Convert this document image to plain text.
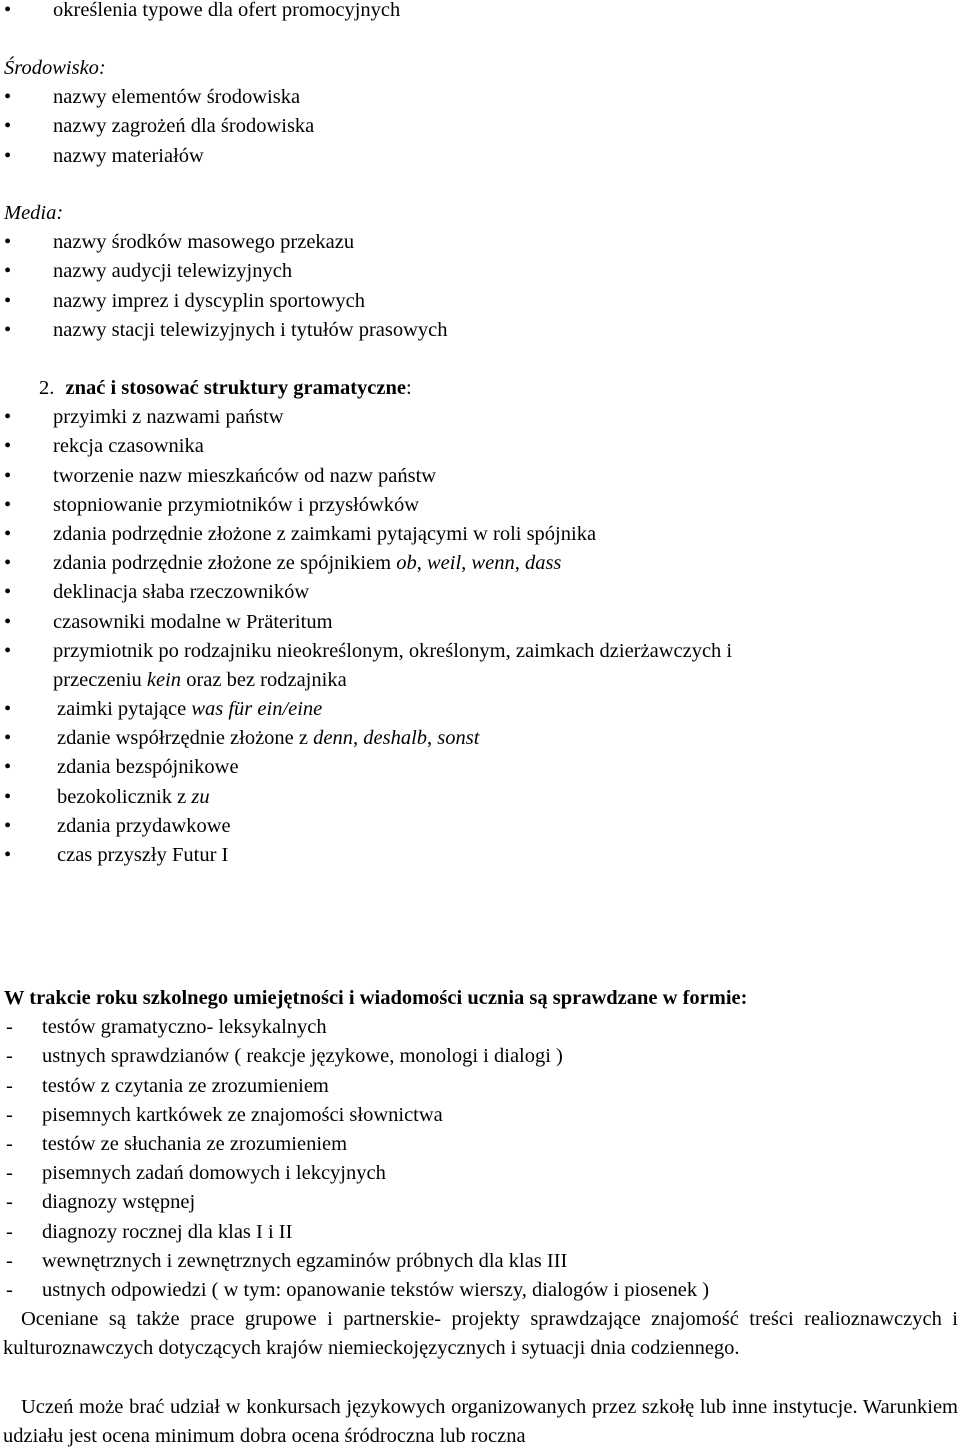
• określenia typowe dla ofert promocyjnych
Środowisko:
• nazwy elementów środowiska
• nazwy zagrożeń dla środowiska
• nazwy materiałów
Media:
• nazwy środków masowego przekazu
• nazwy audycji telewizyjnych
• nazwy imprez i dyscyplin sportowych
• nazwy stacji telewizyjnych i tytułów prasowych
2. znać i stosować struktury gramatyczne:
• przyimki z nazwami państw
• rekcja czasownika
• tworzenie nazw mieszkańców od nazw państw
• stopniowanie przymiotników i przysłówków
• zdania podrzędnie złożone z zaimkami pytającymi w roli spójnika
• zdania podrzędnie złożone ze spójnikiem ob, weil, wenn, dass
• deklinacja słaba rzeczowników
• czasowniki modalne w Präteritum
• przymiotnik po rodzajniku nieokreślonym, określonym, zaimkach dzierżawczych i
przeczeniu kein oraz bez rodzajnika
• zaimki pytające was für ein/eine
• zdanie współrzędnie złożone z denn, deshalb, sonst
• zdania bezspójnikowe
• bezokolicznik z zu
• zdania przydawkowe
• czas przyszły Futur I
W trakcie roku szkolnego umiejętności i wiadomości ucznia są sprawdzane w formie:
- testów gramatyczno- leksykalnych
- ustnych sprawdzianów ( reakcje językowe, monologi i dialogi )
- testów z czytania ze zrozumieniem
- pisemnych kartkówek ze znajomości słownictwa
- testów ze słuchania ze zrozumieniem
- pisemnych zadań domowych i lekcyjnych
- diagnozy wstępnej
- diagnozy rocznej dla klas I i II
- wewnętrznych i zewnętrznych egzaminów próbnych dla klas III
- ustnych odpowiedzi ( w tym: opanowanie tekstów wierszy, dialogów i piosenek )
Oceniane są także prace grupowe i partnerskie- projekty sprawdzające znajomość treści realioznawczych i kulturoznawczych dotyczących krajów niemieckojęzycznych i sytuacji dnia codziennego.
Uczeń może brać udział w konkursach językowych organizowanych przez szkołę lub inne instytucje. Warunkiem udziału jest ocena minimum dobra ocena śródroczna lub roczna
